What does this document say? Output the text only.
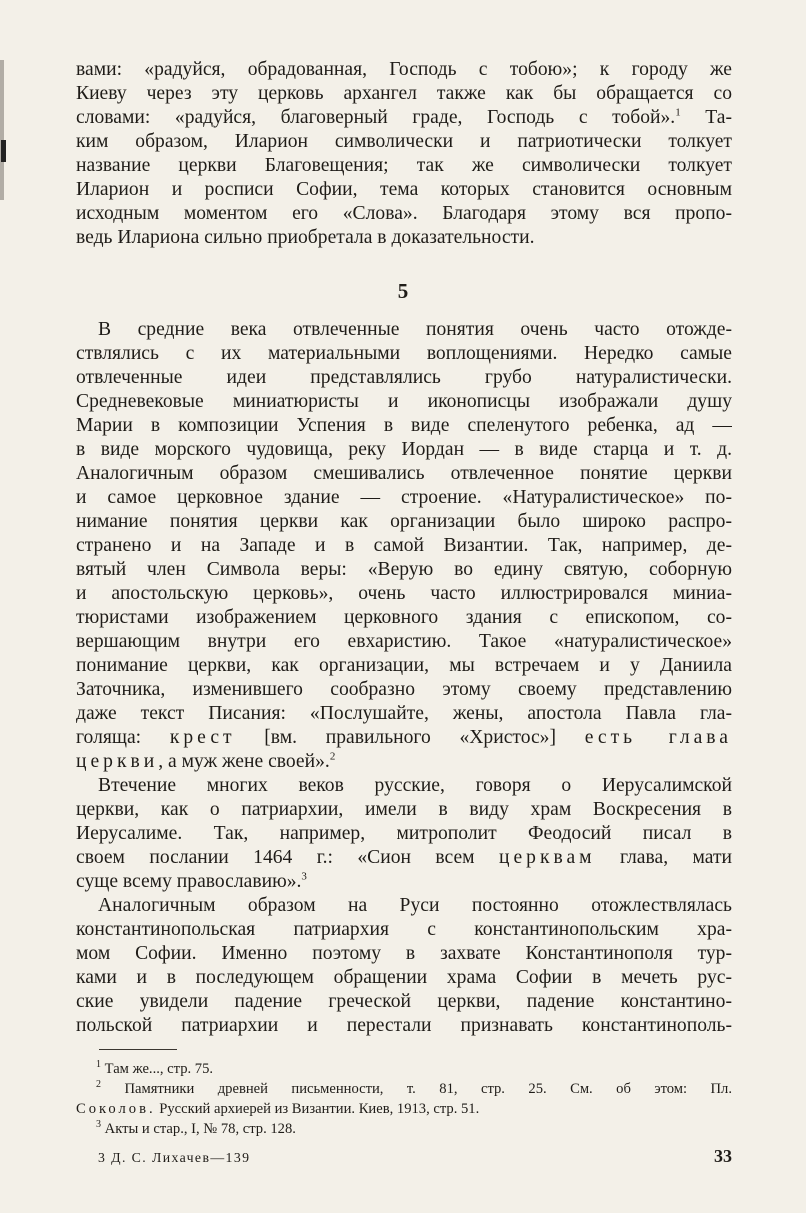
вами: «радуйся, обрадованная, Господь с тобою»; к городу же
Киеву через эту церковь архангел также как бы обращается со
словами: «радуйся, благоверный граде, Господь с тобой».$^1$ Та-
ким образом, Иларион символически и патриотически толкует
название церкви Благовещения; так же символически толкует
Иларион и росписи Софии, тема которых становится основным
исходным моментом его «Слова». Благодаря этому вся пропо-
ведь Илариона сильно приобретала в доказательности.
5
В средние века отвлеченные понятия очень часто отожде-
ствлялись с их материальными воплощениями. Нередко самые
отвлеченные идеи представлялись грубо натуралистически.
Средневековые миниатюристы и иконописцы изображали душу
Марии в композиции Успения в виде спеленутого ребенка, ад —
в виде морского чудовища, реку Иордан — в виде старца и т. д.
Аналогичным образом смешивались отвлеченное понятие церкви
и самое церковное здание — строение. «Натуралистическое» по-
нимание понятия церкви как организации было широко распро-
странено и на Западе и в самой Византии. Так, например, де-
вятый член Символа веры: «Верую во едину святую, соборную
и апостольскую церковь», очень часто иллюстрировался миниа-
тюристами изображением церковного здания с епископом, со-
вершающим внутри его евхаристию. Такое «натуралистическое»
понимание церкви, как организации, мы встречаем и у Даниила
Заточника, изменившего сообразно этому своему представлению
даже текст Писания: «Послушайте, жены, апостола Павла гла-
голяща: крест [вм. правильного «Христос»] есть глава
церкви, а муж жене своей».$^2$
Втечение многих веков русские, говоря о Иерусалимской
церкви, как о патриархии, имели в виду храм Воскресения в
Иерусалиме. Так, например, митрополит Феодосий писал в
своем послании 1464 г.: «Сион всем церквам глава, мати
суще всему православию».$^3$
Аналогичным образом на Руси постоянно отожлествлялась
константинопольская патриархия с константинопольским хра-
мом Софии. Именно поэтому в захвате Константинополя тур-
ками и в последующем обращении храма Софии в мечеть рус-
ские увидели падение греческой церкви, падение константино-
польской патриархии и перестали признавать константинополь-
$^1$ Там же..., стр. 75.
$^2$ Памятники древней письменности, т. 81, стр. 25. См. об этом: Пл.
Соколов. Русский архиерей из Византии. Киев, 1913, стр. 51.
$^3$ Акты и стар., I, № 78, стр. 128.
3 Д. С. Лихачев—139	33
